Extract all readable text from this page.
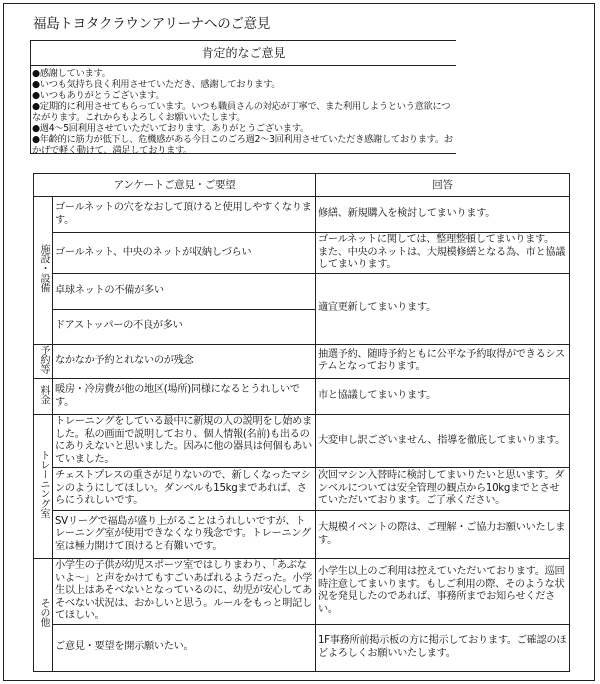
福島トヨタクラウンアリーナへのご意見
肯定的なご意見
●感謝しています。
●いつも気持ち良く利用させていただき、感謝しております。
●いつもありがとうございます。
●定期的に利用させてもらっています。いつも職員さんの対応が丁寧で、また利用しようという意欲につながります。これからもよろしくお願いいたします。
●週4～5回利用させていただいております。ありがとうございます。
●年齢的に筋力が低下し、危機感がある今日このごろ週2～3回利用させていただき感謝しております。おかげで軽く動けて、満足しております。
アンケートご意見・ご要望		回答
施設・設備	ゴールネットの穴をなおして頂けると使用しやすくなります。	修繕、新規購入を検討してまいります。
	ゴールネット、中央のネットが収納しづらい	ゴールネットに関しては、整理整頓してまいります。
また、中央のネットは、大規模修繕となる為、市と協議してまいります。
	卓球ネットの不備が多い	適宜更新してまいります。
	ドアストッパーの不良が多い	
予約等	なかなか予約とれないのが残念	抽選予約、随時予約ともに公平な予約取得ができるシステムとなっております。
料金	暖房・冷房費が他の地区(場所)同様になるとうれしいです。	市と協議してまいります。
トレーニング室	トレーニングをしている最中に新規の人の説明をし始めました。私の画面で説明しており、個人情報(名前)も出るのにありえないと思いました。因みに他の器具は何個もあいていました。	大変申し訳ございません、指導を徹底してまいります。
	チェストプレスの重さが足りないので、新しくなったマシンのようにしてほしい。ダンベルも15kgまであれば、さらにうれしいです。	次回マシン入替時に検討してまいりたいと思います。ダンベルについては安全管理の観点から10kgまでとさせていただいております。ご了承ください。
	SVリーグで福島が盛り上がることはうれしいですが、トレーニング室が使用できなくなり残念です。トレーニング室は極力開けて頂けると有難いです。	大規模イベントの際は、ご理解・ご協力お願いいたします。
その他	小学生の子供が幼児スポーツ室ではしりまわり、「あぶないよ～」と声をかけてもすごいあばれるようだった。小学生以上はあそべないとなっているのに、幼児が安心してあそべない状況は、おかしいと思う。ルールをもっと明記してほしい。	小学生以上のご利用は控えていただいております。巡回時注意してまいります。もしご利用の際、そのような状況を発見したのであれば、事務所までお知らせください。
	ご意見・要望を開示願いたい。	1F事務所前掲示板の方に掲示しております。ご確認のほどよろしくお願いいたします。
